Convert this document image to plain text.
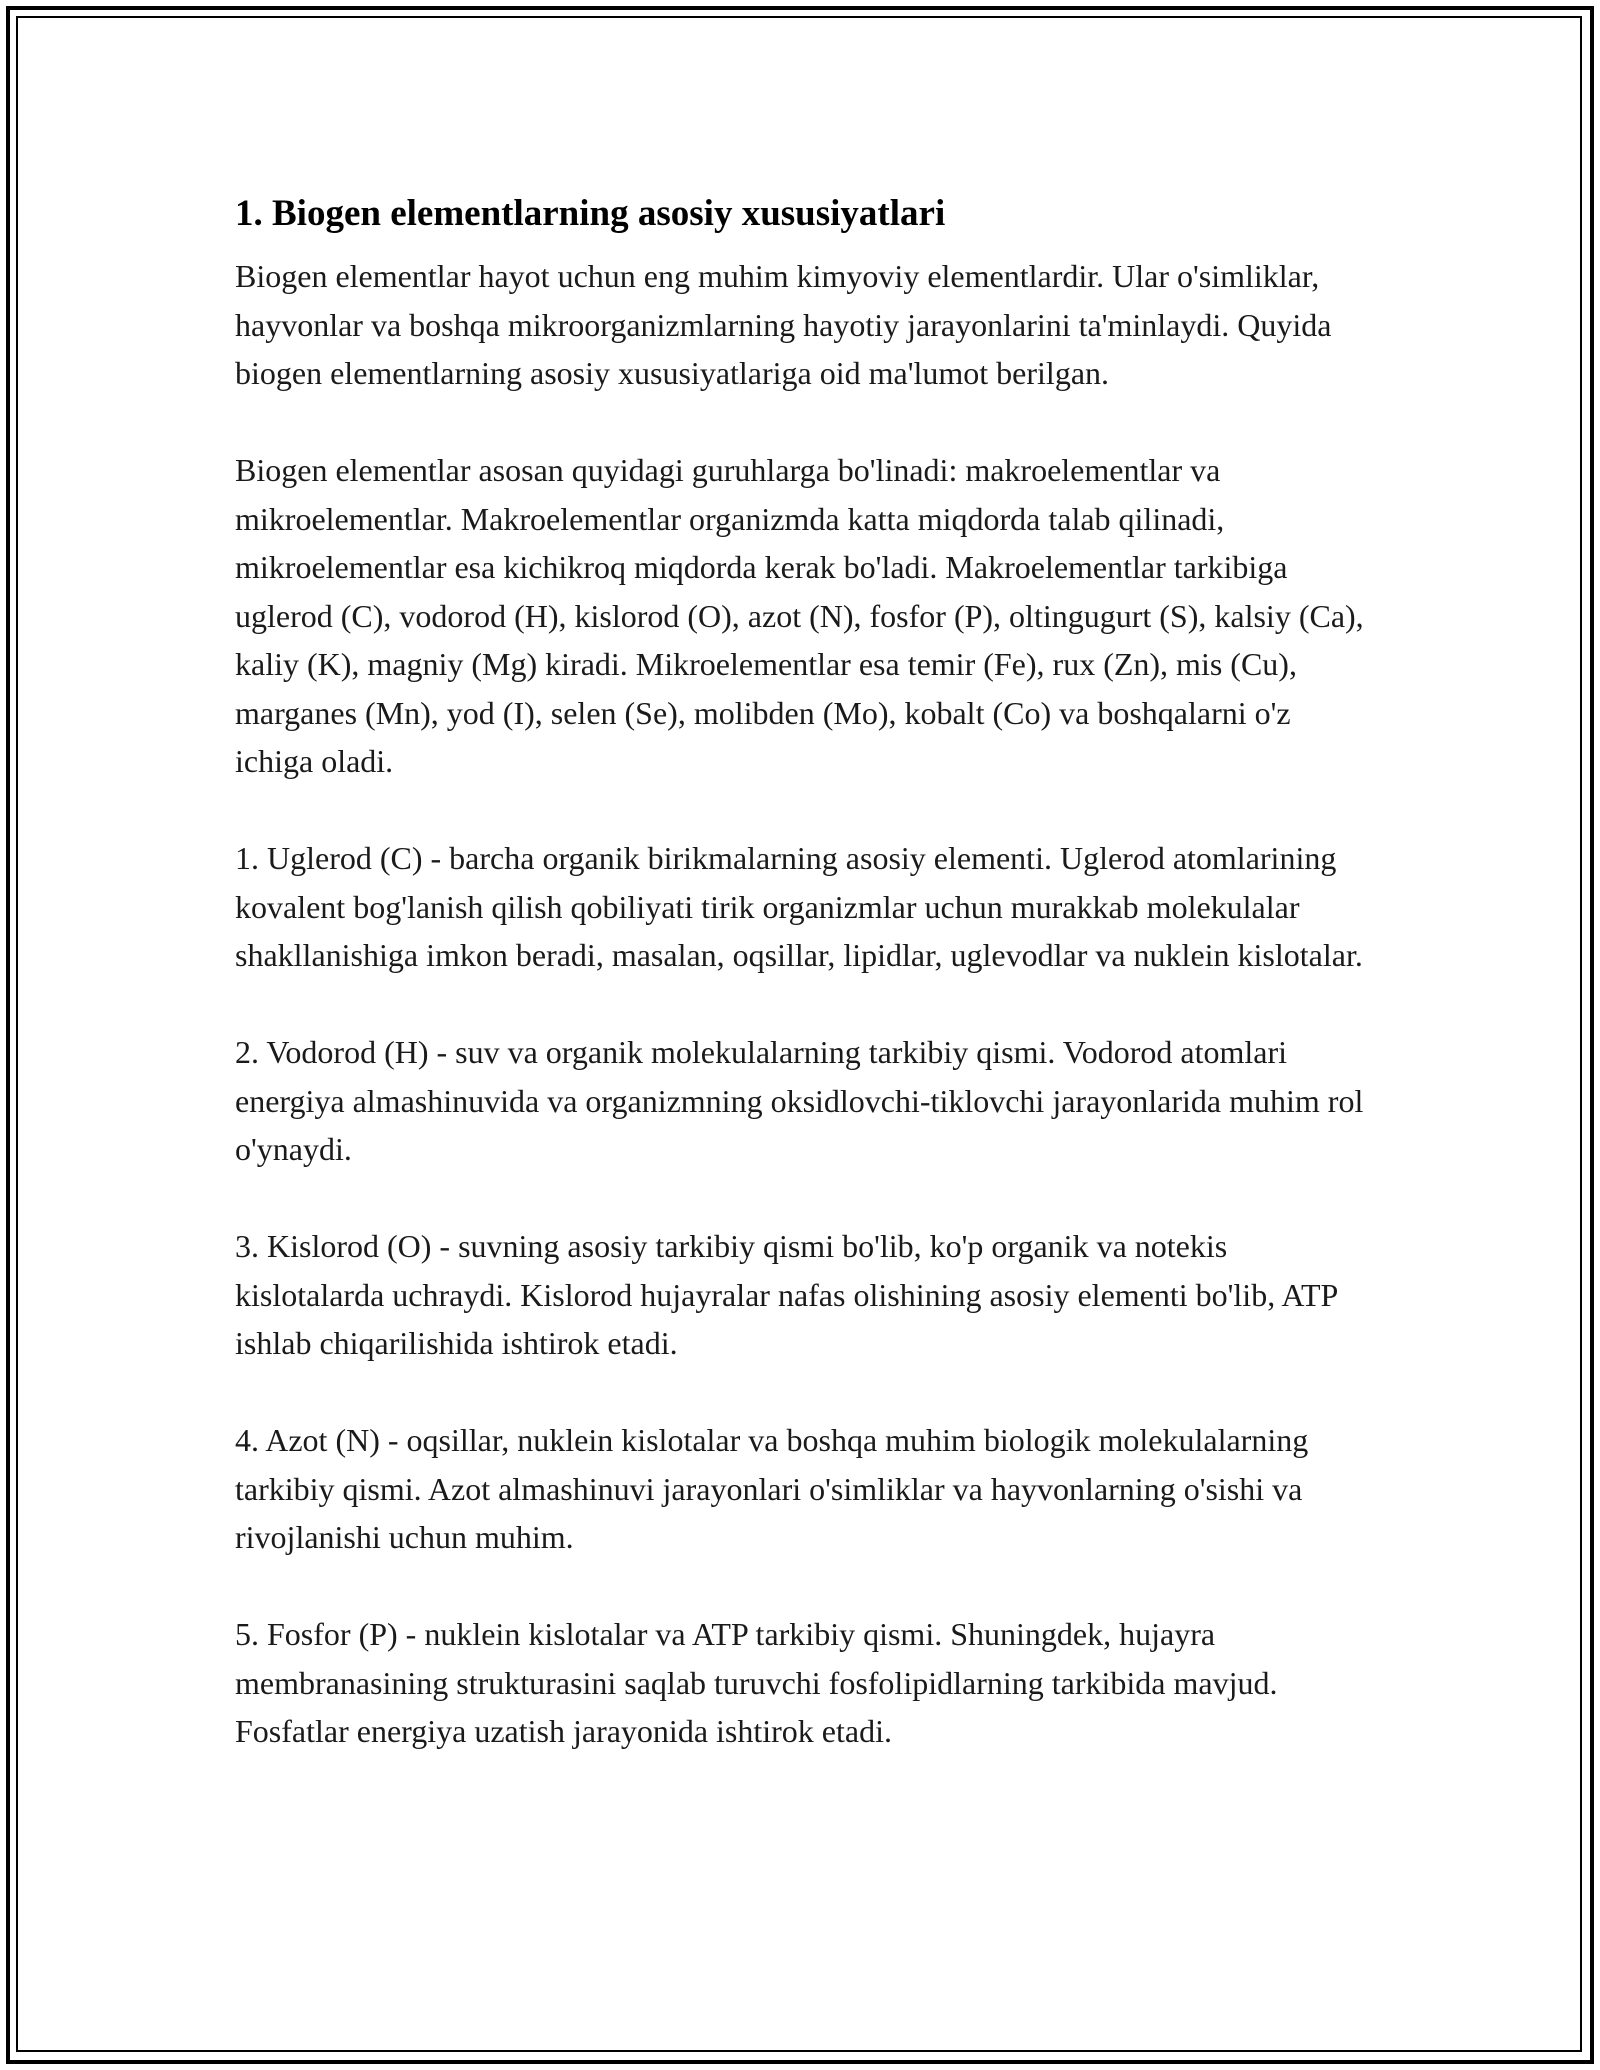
1. Biogen elementlarning asosiy xususiyatlari

Biogen elementlar hayot uchun eng muhim kimyoviy elementlardir. Ular o'simliklar, hayvonlar va boshqa mikroorganizmlarning hayotiy jarayonlarini ta'minlaydi. Quyida biogen elementlarning asosiy xususiyatlariga oid ma'lumot berilgan.

Biogen elementlar asosan quyidagi guruhlarga bo'linadi: makroelementlar va mikroelementlar. Makroelementlar organizmda katta miqdorda talab qilinadi, mikroelementlar esa kichikroq miqdorda kerak bo'ladi. Makroelementlar tarkibiga uglerod (C), vodorod (H), kislorod (O), azot (N), fosfor (P), oltingugurt (S), kalsiy (Ca), kaliy (K), magniy (Mg) kiradi. Mikroelementlar esa temir (Fe), rux (Zn), mis (Cu), marganes (Mn), yod (I), selen (Se), molibden (Mo), kobalt (Co) va boshqalarni o'z ichiga oladi.

1. Uglerod (C) - barcha organik birikmalarning asosiy elementi. Uglerod atomlarining kovalent bog'lanish qilish qobiliyati tirik organizmlar uchun murakkab molekulalar shakllanishiga imkon beradi, masalan, oqsillar, lipidlar, uglevodlar va nuklein kislotalar.

2. Vodorod (H) - suv va organik molekulalarning tarkibiy qismi. Vodorod atomlari energiya almashinuvida va organizmning oksidlovchi-tiklovchi jarayonlarida muhim rol o'ynaydi.

3. Kislorod (O) - suvning asosiy tarkibiy qismi bo'lib, ko'p organik va notekis kislotalarda uchraydi. Kislorod hujayralar nafas olishining asosiy elementi bo'lib, ATP ishlab chiqarilishida ishtirok etadi.

4. Azot (N) - oqsillar, nuklein kislotalar va boshqa muhim biologik molekulalarning tarkibiy qismi. Azot almashinuvi jarayonlari o'simliklar va hayvonlarning o'sishi va rivojlanishi uchun muhim.

5. Fosfor (P) - nuklein kislotalar va ATP tarkibiy qismi. Shuningdek, hujayra membranasining strukturasini saqlab turuvchi fosfolipidlarning tarkibida mavjud. Fosfatlar energiya uzatish jarayonida ishtirok etadi.
